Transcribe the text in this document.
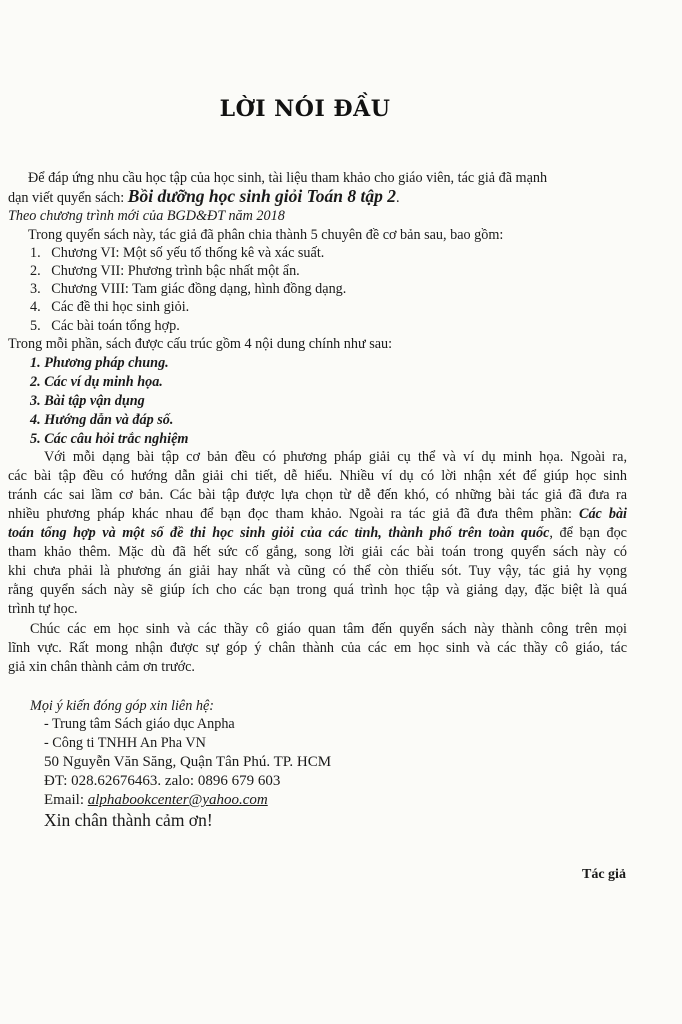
LỜI NÓI ĐẦU
Để đáp ứng nhu cầu học tập của học sinh, tài liệu tham khảo cho giáo viên, tác giả đã mạnh
dạn viết quyển sách: Bồi dưỡng học sinh giỏi Toán 8 tập 2.
Theo chương trình mới của BGD&ĐT năm 2018
Trong quyển sách này, tác giả đã phân chia thành 5 chuyên đề cơ bản sau, bao gồm:
1. Chương VI: Một số yếu tố thống kê và xác suất.
2. Chương VII: Phương trình bậc nhất một ẩn.
3. Chương VIII: Tam giác đồng dạng, hình đồng dạng.
4. Các đề thi học sinh giỏi.
5. Các bài toán tổng hợp.
Trong mỗi phần, sách được cấu trúc gồm 4 nội dung chính như sau:
1. Phương pháp chung.
2. Các ví dụ minh họa.
3. Bài tập vận dụng
4. Hướng dẫn và đáp số.
5. Các câu hỏi trắc nghiệm
Với mỗi dạng bài tập cơ bản đều có phương pháp giải cụ thể và ví dụ minh họa. Ngoài ra,
các bài tập đều có hướng dẫn giải chi tiết, dễ hiểu. Nhiều ví dụ có lời nhận xét để giúp học sinh
tránh các sai lầm cơ bản. Các bài tập được lựa chọn từ dễ đến khó, có những bài tác giả đã đưa ra
nhiều phương pháp khác nhau để bạn đọc tham khảo. Ngoài ra tác giả đã đưa thêm phần: Các bài
toán tổng hợp và một số đề thi học sinh giỏi của các tỉnh, thành phố trên toàn quốc, để bạn đọc
tham khảo thêm. Mặc dù đã hết sức cố gắng, song lời giải các bài toán trong quyển sách này có
khi chưa phải là phương án giải hay nhất và cũng có thể còn thiếu sót. Tuy vậy, tác giả hy vọng
rằng quyển sách này sẽ giúp ích cho các bạn trong quá trình học tập và giảng dạy, đặc biệt là quá
trình tự học.
Chúc các em học sinh và các thầy cô giáo quan tâm đến quyển sách này thành công trên mọi
lĩnh vực. Rất mong nhận được sự góp ý chân thành của các em học sinh và các thầy cô giáo, tác
giả xin chân thành cảm ơn trước.
Mọi ý kiến đóng góp xin liên hệ:
- Trung tâm Sách giáo dục Anpha
- Công ti TNHH An Pha VN
50 Nguyễn Văn Săng, Quận Tân Phú. TP. HCM
ĐT: 028.62676463. zalo: 0896 679 603
Email: alphabookcenter@yahoo.com
Xin chân thành cảm ơn!
Tác giả
